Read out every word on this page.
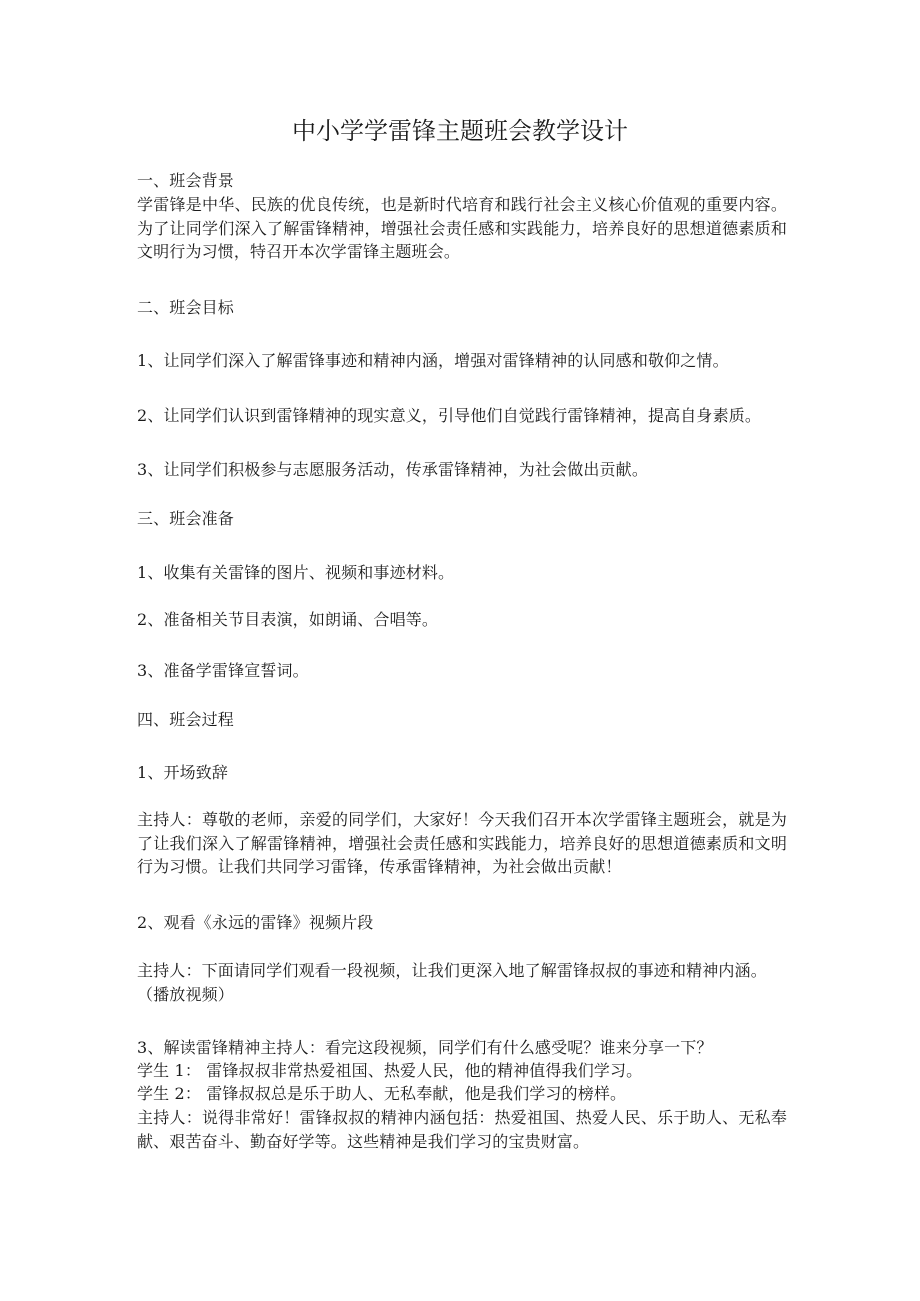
中小学学雷锋主题班会教学设计
一、班会背景
学雷锋是中华、民族的优良传统，也是新时代培育和践行社会主义核心价值观的重要内容。为了让同学们深入了解雷锋精神，增强社会责任感和实践能力，培养良好的思想道德素质和文明行为习惯，特召开本次学雷锋主题班会。
二、班会目标
1、让同学们深入了解雷锋事迹和精神内涵，增强对雷锋精神的认同感和敬仰之情。
2、让同学们认识到雷锋精神的现实意义，引导他们自觉践行雷锋精神，提高自身素质。
3、让同学们积极参与志愿服务活动，传承雷锋精神，为社会做出贡献。
三、班会准备
1、收集有关雷锋的图片、视频和事迹材料。
2、准备相关节目表演，如朗诵、合唱等。
3、准备学雷锋宣誓词。
四、班会过程
1、开场致辞
主持人：尊敬的老师，亲爱的同学们，大家好！今天我们召开本次学雷锋主题班会，就是为了让我们深入了解雷锋精神，增强社会责任感和实践能力，培养良好的思想道德素质和文明行为习惯。让我们共同学习雷锋，传承雷锋精神，为社会做出贡献！
2、观看《永远的雷锋》视频片段
主持人：下面请同学们观看一段视频，让我们更深入地了解雷锋叔叔的事迹和精神内涵。
（播放视频）
3、解读雷锋精神主持人：看完这段视频，同学们有什么感受呢？谁来分享一下？
学生 1： 雷锋叔叔非常热爱祖国、热爱人民，他的精神值得我们学习。
学生 2： 雷锋叔叔总是乐于助人、无私奉献，他是我们学习的榜样。
主持人：说得非常好！雷锋叔叔的精神内涵包括：热爱祖国、热爱人民、乐于助人、无私奉献、艰苦奋斗、勤奋好学等。这些精神是我们学习的宝贵财富。
